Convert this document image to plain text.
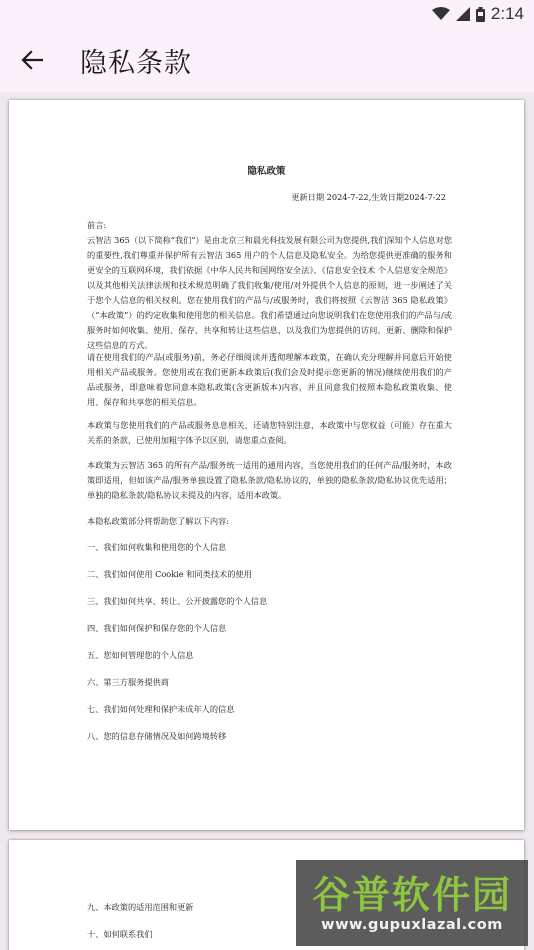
2:14
隐私条款
隐私政策
更新日期 2024-7-22,生效日期2024-7-22
前言:
云智洁 365（以下简称“我们”）是由北京三和晨光科技发展有限公司为您提供,我们深知个人信息对您的重要性,我们尊重并保护所有云智洁 365 用户的个人信息及隐私安全。为给您提供更准确的服务和更安全的互联网环境，我们依据《中华人民共和国网络安全法》、《信息安全技术 个人信息安全规范》以及其他相关法律法规和技术规范明确了我们收集/使用/对外提供个人信息的原则，进一步阐述了关于您个人信息的相关权利。您在使用我们的产品与/或服务时，我们将按照《云智洁 365 隐私政策》（“本政策”）的约定收集和使用您的相关信息。我们希望通过向您说明我们在您使用我们的产品与/或服务时如何收集、使用、保存、共享和转让这些信息，以及我们为您提供的访问、更新、删除和保护这些信息的方式。
请在使用我们的产品(或服务)前，务必仔细阅读并透彻理解本政策，在确认充分理解并同意后开始使用相关产品或服务。您使用或在我们更新本政策后(我们会及时提示您更新的情况)继续使用我们的产品或服务，即意味着您同意本隐私政策(含更新版本)内容，并且同意我们按照本隐私政策收集、使用、保存和共享您的相关信息。
本政策与您使用我们的产品或服务息息相关，还请您特别注意，本政策中与您权益（可能）存在重大关系的条款，已使用加粗字体予以区别，请您重点查阅。
本政策为云智洁 365 的所有产品/服务统一适用的通用内容，当您使用我们的任何产品/服务时，本政策即适用，但如该产品/服务单独设置了隐私条款/隐私协议的，单独的隐私条款/隐私协议优先适用；单独的隐私条款/隐私协议未提及的内容，适用本政策。
本隐私政策部分将帮助您了解以下内容:
一、我们如何收集和使用您的个人信息
二、我们如何使用 Cookie 和同类技术的使用
三、我们如何共享、转让、公开披露您的个人信息
四、我们如何保护和保存您的个人信息
五、您如何管理您的个人信息
六、第三方服务提供商
七、我们如何处理和保护未成年人的信息
八、您的信息存储情况及如何跨境转移
九、本政策的适用范围和更新
十、如何联系我们
谷普软件园
www.gupuxlazal.com
